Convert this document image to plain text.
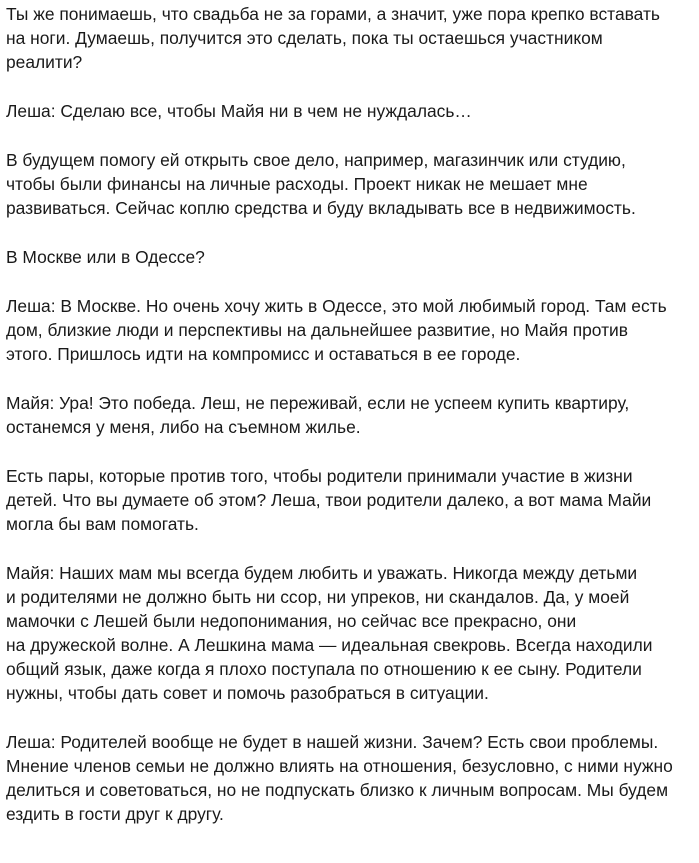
Ты же понимаешь, что свадьба не за горами, а значит, уже пора крепко вставать
на ноги. Думаешь, получится это сделать, пока ты остаешься участником
реалити?

Леша: Сделаю все, чтобы Майя ни в чем не нуждалась…

В будущем помогу ей открыть свое дело, например, магазинчик или студию,
чтобы были финансы на личные расходы. Проект никак не мешает мне
развиваться. Сейчас коплю средства и буду вкладывать все в недвижимость.

В Москве или в Одессе?

Леша: В Москве. Но очень хочу жить в Одессе, это мой любимый город. Там есть
дом, близкие люди и перспективы на дальнейшее развитие, но Майя против
этого. Пришлось идти на компромисс и оставаться в ее городе.

Майя: Ура! Это победа. Леш, не переживай, если не успеем купить квартиру,
останемся у меня, либо на съемном жилье.

Есть пары, которые против того, чтобы родители принимали участие в жизни
детей. Что вы думаете об этом? Леша, твои родители далеко, а вот мама Майи
могла бы вам помогать.

Майя: Наших мам мы всегда будем любить и уважать. Никогда между детьми
и родителями не должно быть ни ссор, ни упреков, ни скандалов. Да, у моей
мамочки с Лешей были недопонимания, но сейчас все прекрасно, они
на дружеской волне. А Лешкина мама — идеальная свекровь. Всегда находили
общий язык, даже когда я плохо поступала по отношению к ее сыну. Родители
нужны, чтобы дать совет и помочь разобраться в ситуации.

Леша: Родителей вообще не будет в нашей жизни. Зачем? Есть свои проблемы.
Мнение членов семьи не должно влиять на отношения, безусловно, с ними нужно
делиться и советоваться, но не подпускать близко к личным вопросам. Мы будем
ездить в гости друг к другу.
